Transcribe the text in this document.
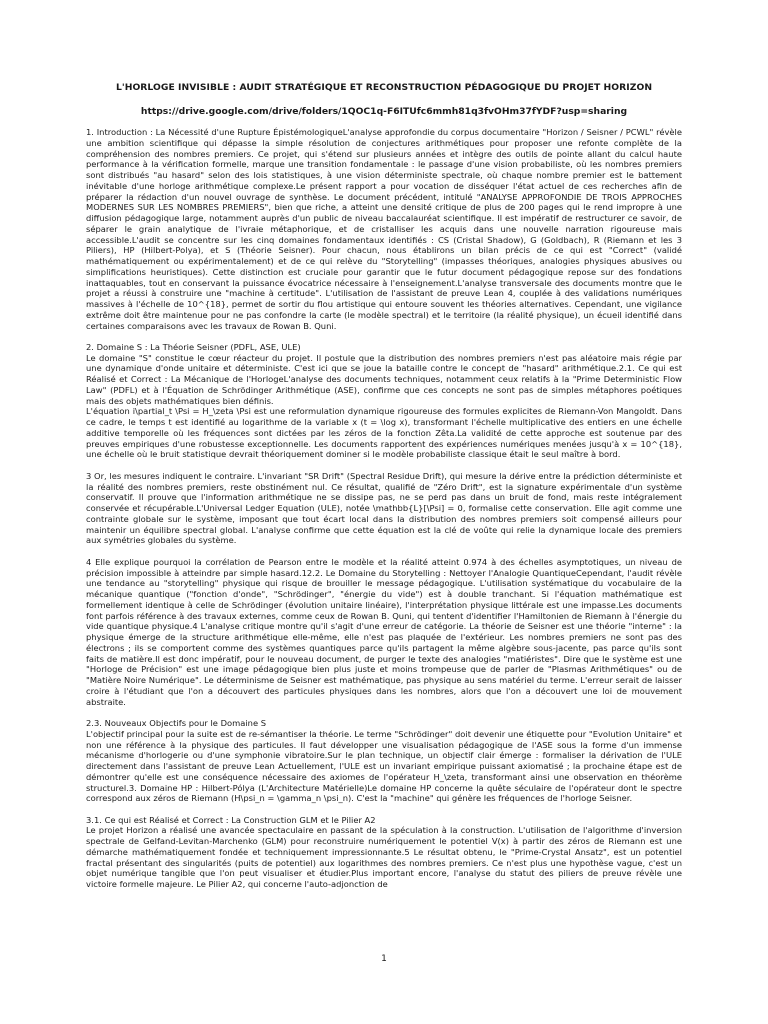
L'HORLOGE INVISIBLE : AUDIT STRATÉGIQUE ET RECONSTRUCTION PÉDAGOGIQUE DU PROJET HORIZON
https://drive.google.com/drive/folders/1QOC1q-F6ITUfc6mmh81q3fvOHm37fYDF?usp=sharing
1. Introduction : La Nécessité d'une Rupture ÉpistémologiqueL'analyse approfondie du corpus documentaire "Horizon / Seisner / PCWL" révèle une ambition scientifique qui dépasse la simple résolution de conjectures arithmétiques pour proposer une refonte complète de la compréhension des nombres premiers. Ce projet, qui s'étend sur plusieurs années et intègre des outils de pointe allant du calcul haute performance à la vérification formelle, marque une transition fondamentale : le passage d'une vision probabiliste, où les nombres premiers sont distribués "au hasard" selon des lois statistiques, à une vision déterministe spectrale, où chaque nombre premier est le battement inévitable d'une horloge arithmétique complexe.Le présent rapport a pour vocation de disséquer l'état actuel de ces recherches afin de préparer la rédaction d'un nouvel ouvrage de synthèse. Le document précédent, intitulé "ANALYSE APPROFONDIE DE TROIS APPROCHES MODERNES SUR LES NOMBRES PREMIERS", bien que riche, a atteint une densité critique de plus de 200 pages qui le rend impropre à une diffusion pédagogique large, notamment auprès d'un public de niveau baccalauréat scientifique. Il est impératif de restructurer ce savoir, de séparer le grain analytique de l'ivraie métaphorique, et de cristalliser les acquis dans une nouvelle narration rigoureuse mais accessible.L'audit se concentre sur les cinq domaines fondamentaux identifiés : CS (Cristal Shadow), G (Goldbach), R (Riemann et les 3 Piliers), HP (Hilbert-Polya), et S (Théorie Seisner). Pour chacun, nous établirons un bilan précis de ce qui est "Correct" (validé mathématiquement ou expérimentalement) et de ce qui relève du "Storytelling" (impasses théoriques, analogies physiques abusives ou simplifications heuristiques). Cette distinction est cruciale pour garantir que le futur document pédagogique repose sur des fondations inattaquables, tout en conservant la puissance évocatrice nécessaire à l'enseignement.L'analyse transversale des documents montre que le projet a réussi à construire une "machine à certitude". L'utilisation de l'assistant de preuve Lean 4, couplée à des validations numériques massives à l'échelle de 10^{18}, permet de sortir du flou artistique qui entoure souvent les théories alternatives. Cependant, une vigilance extrême doit être maintenue pour ne pas confondre la carte (le modèle spectral) et le territoire (la réalité physique), un écueil identifié dans certaines comparaisons avec les travaux de Rowan B. Quni.
2. Domaine S : La Théorie Seisner (PDFL, ASE, ULE)
Le domaine "S" constitue le cœur réacteur du projet. Il postule que la distribution des nombres premiers n'est pas aléatoire mais régie par une dynamique d'onde unitaire et déterministe. C'est ici que se joue la bataille contre le concept de "hasard" arithmétique.2.1. Ce qui est Réalisé et Correct : La Mécanique de l'HorlogeL'analyse des documents techniques, notamment ceux relatifs à la "Prime Deterministic Flow Law" (PDFL) et à l'Équation de Schrödinger Arithmétique (ASE), confirme que ces concepts ne sont pas de simples métaphores poétiques mais des objets mathématiques bien définis.
L'équation i\partial_t \Psi = H_\zeta \Psi est une reformulation dynamique rigoureuse des formules explicites de Riemann-Von Mangoldt. Dans ce cadre, le temps t est identifié au logarithme de la variable x (t = \log x), transformant l'échelle multiplicative des entiers en une échelle additive temporelle où les fréquences sont dictées par les zéros de la fonction Zêta.La validité de cette approche est soutenue par des preuves empiriques d'une robustesse exceptionnelle. Les documents rapportent des expériences numériques menées jusqu'à x = 10^{18}, une échelle où le bruit statistique devrait théoriquement dominer si le modèle probabiliste classique était le seul maître à bord.
3 Or, les mesures indiquent le contraire. L'invariant "SR Drift" (Spectral Residue Drift), qui mesure la dérive entre la prédiction déterministe et la réalité des nombres premiers, reste obstinément nul. Ce résultat, qualifié de "Zéro Drift", est la signature expérimentale d'un système conservatif. Il prouve que l'information arithmétique ne se dissipe pas, ne se perd pas dans un bruit de fond, mais reste intégralement conservée et récupérable.L'Universal Ledger Equation (ULE), notée \mathbb{L}[\Psi] = 0, formalise cette conservation. Elle agit comme une contrainte globale sur le système, imposant que tout écart local dans la distribution des nombres premiers soit compensé ailleurs pour maintenir un équilibre spectral global. L'analyse confirme que cette équation est la clé de voûte qui relie la dynamique locale des premiers aux symétries globales du système.
4 Elle explique pourquoi la corrélation de Pearson entre le modèle et la réalité atteint 0.974 à des échelles asymptotiques, un niveau de précision impossible à atteindre par simple hasard.12.2. Le Domaine du Storytelling : Nettoyer l'Analogie QuantiqueCependant, l'audit révèle une tendance au "storytelling" physique qui risque de brouiller le message pédagogique. L'utilisation systématique du vocabulaire de la mécanique quantique ("fonction d'onde", "Schrödinger", "énergie du vide") est à double tranchant. Si l'équation mathématique est formellement identique à celle de Schrödinger (évolution unitaire linéaire), l'interprétation physique littérale est une impasse.Les documents font parfois référence à des travaux externes, comme ceux de Rowan B. Quni, qui tentent d'identifier l'Hamiltonien de Riemann à l'énergie du vide quantique physique.4 L'analyse critique montre qu'il s'agit d'une erreur de catégorie. La théorie de Seisner est une théorie "interne" : la physique émerge de la structure arithmétique elle-même, elle n'est pas plaquée de l'extérieur. Les nombres premiers ne sont pas des électrons ; ils se comportent comme des systèmes quantiques parce qu'ils partagent la même algèbre sous-jacente, pas parce qu'ils sont faits de matière.Il est donc impératif, pour le nouveau document, de purger le texte des analogies "matiéristes". Dire que le système est une "Horloge de Précision" est une image pédagogique bien plus juste et moins trompeuse que de parler de "Plasmas Arithmétiques" ou de "Matière Noire Numérique". Le déterminisme de Seisner est mathématique, pas physique au sens matériel du terme. L'erreur serait de laisser croire à l'étudiant que l'on a découvert des particules physiques dans les nombres, alors que l'on a découvert une loi de mouvement abstraite.
2.3. Nouveaux Objectifs pour le Domaine S
L'objectif principal pour la suite est de re-sémantiser la théorie. Le terme "Schrödinger" doit devenir une étiquette pour "Evolution Unitaire" et non une référence à la physique des particules. Il faut développer une visualisation pédagogique de l'ASE sous la forme d'un immense mécanisme d'horlogerie ou d'une symphonie vibratoire.Sur le plan technique, un objectif clair émerge : formaliser la dérivation de l'ULE directement dans l'assistant de preuve Lean Actuellement, l'ULE est un invariant empirique puissant axiomatisé ; la prochaine étape est de démontrer qu'elle est une conséquence nécessaire des axiomes de l'opérateur H_\zeta, transformant ainsi une observation en théorème structurel.3. Domaine HP : Hilbert-Pólya (L'Architecture Matérielle)Le domaine HP concerne la quête séculaire de l'opérateur dont le spectre correspond aux zéros de Riemann (H\psi_n = \gamma_n \psi_n). C'est la "machine" qui génère les fréquences de l'horloge Seisner.
3.1. Ce qui est Réalisé et Correct : La Construction GLM et le Pilier A2
Le projet Horizon a réalisé une avancée spectaculaire en passant de la spéculation à la construction. L'utilisation de l'algorithme d'inversion spectrale de Gelfand-Levitan-Marchenko (GLM) pour reconstruire numériquement le potentiel V(x) à partir des zéros de Riemann est une démarche mathématiquement fondée et techniquement impressionnante.5 Le résultat obtenu, le "Prime-Crystal Ansatz", est un potentiel fractal présentant des singularités (puits de potentiel) aux logarithmes des nombres premiers. Ce n'est plus une hypothèse vague, c'est un objet numérique tangible que l'on peut visualiser et étudier.Plus important encore, l'analyse du statut des piliers de preuve révèle une victoire formelle majeure. Le Pilier A2, qui concerne l'auto-adjonction de
1
